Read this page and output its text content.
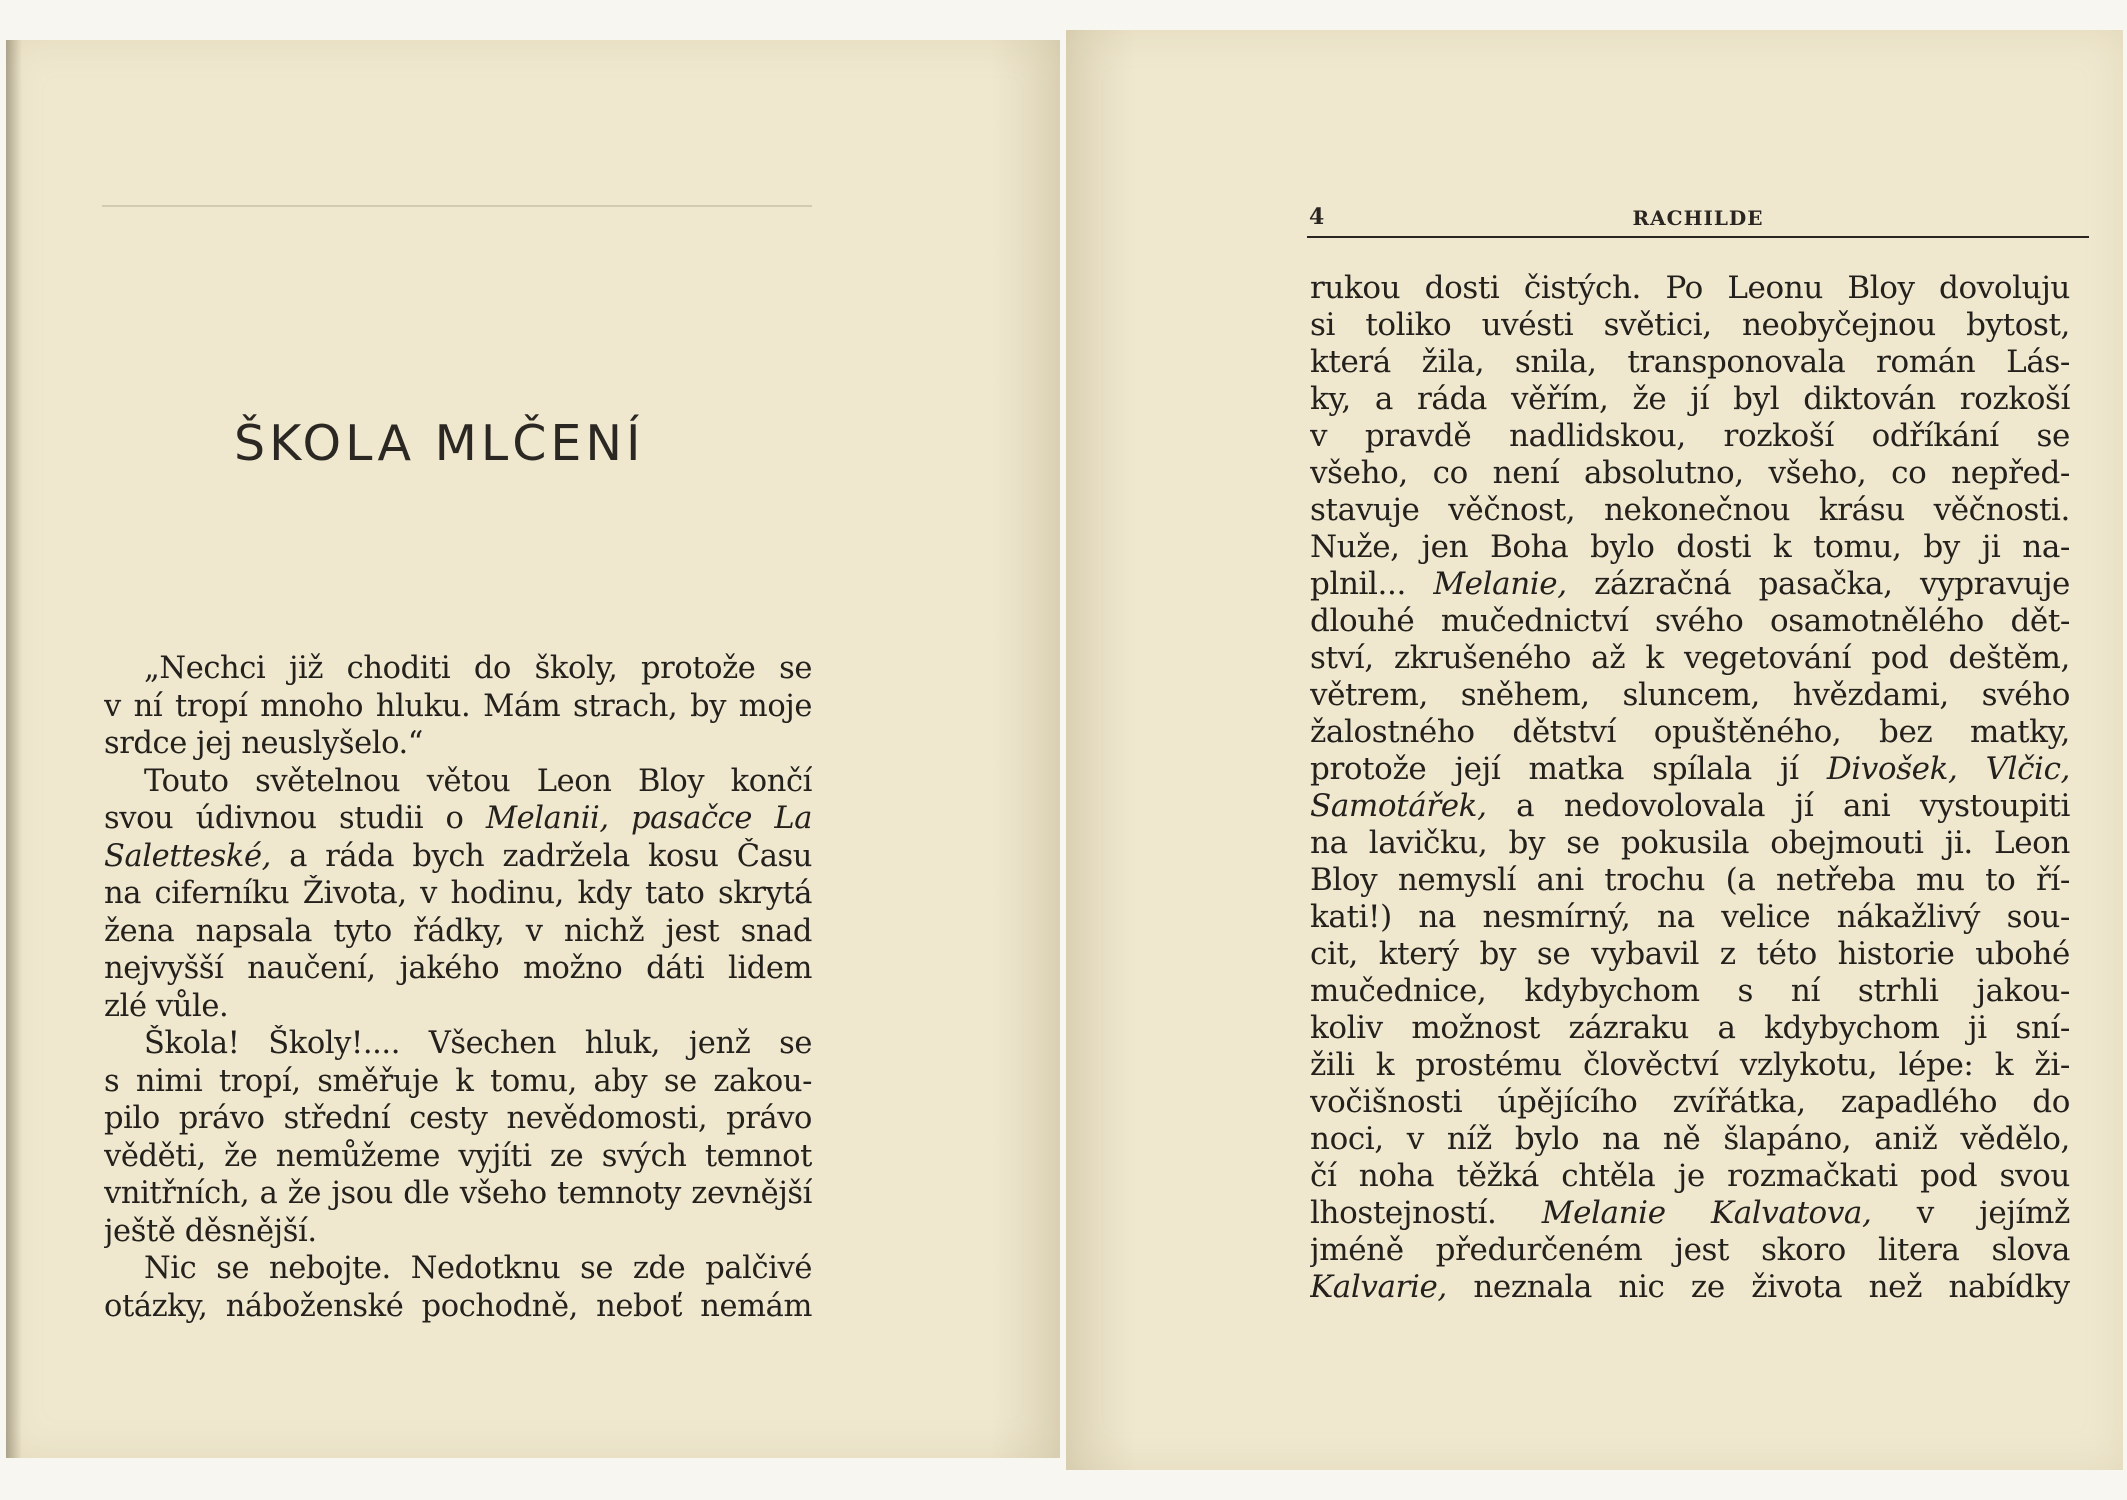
ŠKOLA MLČENÍ
„Nechci již choditi do školy, protože se
v ní tropí mnoho hluku. Mám strach, by moje
srdce jej neuslyšelo.“
Touto světelnou větou Leon Bloy končí
svou údivnou studii o Melanii, pasačce La
Saletteské, a ráda bych zadržela kosu Času
na ciferníku Života, v hodinu, kdy tato skrytá
žena napsala tyto řádky, v nichž jest snad
nejvyšší naučení, jakého možno dáti lidem
zlé vůle.
Škola! Školy!.... Všechen hluk, jenž se
s nimi tropí, směřuje k tomu, aby se zakou-
pilo právo střední cesty nevědomosti, právo
věděti, že nemůžeme vyjíti ze svých temnot
vnitřních, a že jsou dle všeho temnoty zevnější
ještě děsnější.
Nic se nebojte. Nedotknu se zde palčivé
otázky, náboženské pochodně, neboť nemám
4	RACHILDE
rukou dosti čistých. Po Leonu Bloy dovoluju
si toliko uvésti světici, neobyčejnou bytost,
která žila, snila, transponovala román Lás-
ky, a ráda věřím, že jí byl diktován rozkoší
v pravdě nadlidskou, rozkoší odříkání se
všeho, co není absolutno, všeho, co nepřed-
stavuje věčnost, nekonečnou krásu věčnosti.
Nuže, jen Boha bylo dosti k tomu, by ji na-
plnil... Melanie, zázračná pasačka, vypravuje
dlouhé mučednictví svého osamotnělého dět-
ství, zkrušeného až k vegetování pod deštěm,
větrem, sněhem, sluncem, hvězdami, svého
žalostného dětství opuštěného, bez matky,
protože její matka spílala jí Divošek, Vlčic,
Samotářek, a nedovolovala jí ani vystoupiti
na lavičku, by se pokusila obejmouti ji. Leon
Bloy nemyslí ani trochu (a netřeba mu to ří-
kati!) na nesmírný, na velice nákažlivý sou-
cit, který by se vybavil z této historie ubohé
mučednice, kdybychom s ní strhli jakou-
koliv možnost zázraku a kdybychom ji sní-
žili k prostému člověctví vzlykotu, lépe: k ži-
vočišnosti úpějícího zvířátka, zapadlého do
noci, v níž bylo na ně šlapáno, aniž vědělo,
čí noha těžká chtěla je rozmačkati pod svou
lhostejností. Melanie Kalvatova, v jejímž
jméně předurčeném jest skoro litera slova
Kalvarie, neznala nic ze života než nabídky
